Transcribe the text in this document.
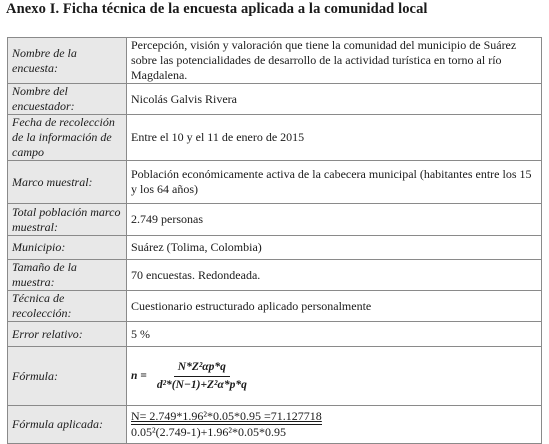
Anexo I. Ficha técnica de la encuesta aplicada a la comunidad local
Nombre de la encuesta:	Percepción, visión y valoración que tiene la comunidad del municipio de Suárez sobre las potencialidades de desarrollo de la actividad turística en torno al río Magdalena.
Nombre del encuestador:	Nicolás Galvis Rivera
Fecha de recolección de la información de campo	Entre el 10 y el 11 de enero de 2015
Marco muestral:	Población económicamente activa de la cabecera municipal (habitantes entre los 15 y los 64 años)
Total población marco muestral:	2.749 personas
Municipio:	Suárez (Tolima, Colombia)
Tamaño de la muestra:	70 encuestas. Redondeada.
Técnica de recolección:	Cuestionario estructurado aplicado personalmente
Error relativo:	5 %
Fórmula:	$n = \frac{\text{N*Z²αp*q}}{\text{d²*(N−1)+Z²α*p*q}}$

Fórmula aplicada:	N= 2.749*1.96²*0.05*0.95 =71.127718
0.05²(2.749-1)+1.96²*0.05*0.95
